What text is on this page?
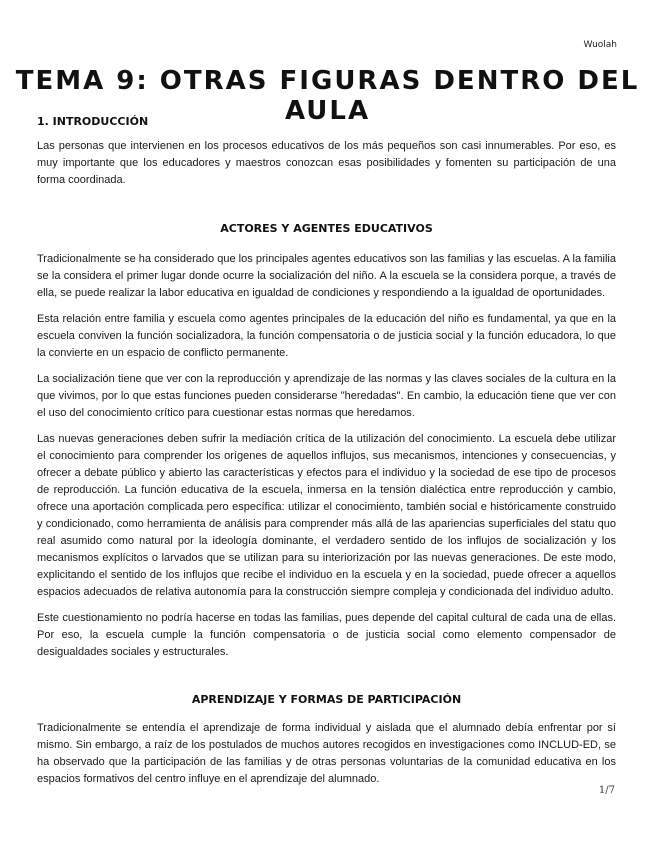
Wuolah
TEMA 9: OTRAS FIGURAS DENTRO DEL AULA
1. INTRODUCCIÓN

Las personas que intervienen en los procesos educativos de los más pequeños son casi innumerables. Por eso, es muy importante que los educadores y maestros conozcan esas posibilidades y fomenten su participación de una forma coordinada.

ACTORES Y AGENTES EDUCATIVOS

Tradicionalmente se ha considerado que los principales agentes educativos son las familias y las escuelas. A la familia se la considera el primer lugar donde ocurre la socialización del niño. A la escuela se la considera porque, a través de ella, se puede realizar la labor educativa en igualdad de condiciones y respondiendo a la igualdad de oportunidades.

Esta relación entre familia y escuela como agentes principales de la educación del niño es fundamental, ya que en la escuela conviven la función socializadora, la función compensatoria o de justicia social y la función educadora, lo que la convierte en un espacio de conflicto permanente.

La socialización tiene que ver con la reproducción y aprendizaje de las normas y las claves sociales de la cultura en la que vivimos, por lo que estas funciones pueden considerarse "heredadas". En cambio, la educación tiene que ver con el uso del conocimiento crítico para cuestionar estas normas que heredamos.

Las nuevas generaciones deben sufrir la mediación crítica de la utilización del conocimiento. La escuela debe utilizar el conocimiento para comprender los orígenes de aquellos influjos, sus mecanismos, intenciones y consecuencias, y ofrecer a debate público y abierto las características y efectos para el individuo y la sociedad de ese tipo de procesos de reproducción. La función educativa de la escuela, inmersa en la tensión dialéctica entre reproducción y cambio, ofrece una aportación complicada pero específica: utilizar el conocimiento, también social e históricamente construido y condicionado, como herramienta de análisis para comprender más allá de las apariencias superficiales del statu quo real asumido como natural por la ideología dominante, el verdadero sentido de los influjos de socialización y los mecanismos explícitos o larvados que se utilizan para su interiorización por las nuevas generaciones. De este modo, explicitando el sentido de los influjos que recibe el individuo en la escuela y en la sociedad, puede ofrecer a aquellos espacios adecuados de relativa autonomía para la construcción siempre compleja y condicionada del individuo adulto.

Este cuestionamiento no podría hacerse en todas las familias, pues depende del capital cultural de cada una de ellas. Por eso, la escuela cumple la función compensatoria o de justicia social como elemento compensador de desigualdades sociales y estructurales.

APRENDIZAJE Y FORMAS DE PARTICIPACIÓN

Tradicionalmente se entendía el aprendizaje de forma individual y aislada que el alumnado debía enfrentar por sí mismo. Sin embargo, a raíz de los postulados de muchos autores recogidos en investigaciones como INCLUD-ED, se ha observado que la participación de las familias y de otras personas voluntarias de la comunidad educativa en los espacios formativos del centro influye en el aprendizaje del alumnado.

1/7
